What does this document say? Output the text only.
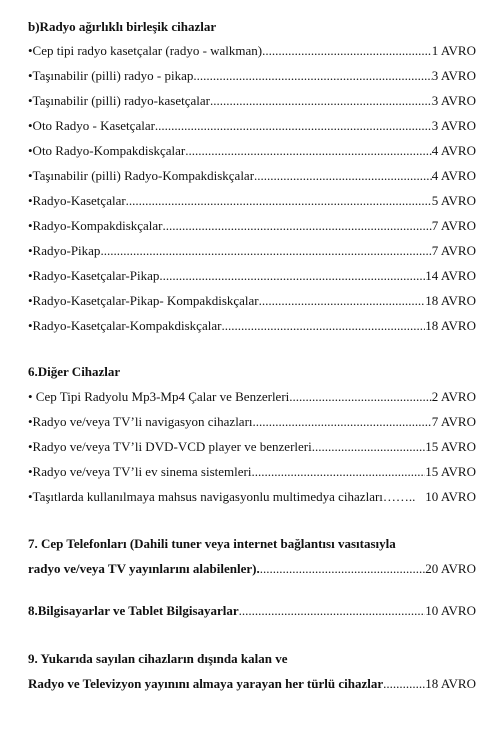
b)Radyo ağırlıklı birleşik cihazlar
•Cep tipi radyo kasetçalar (radyo - walkman) .....	1 AVRO
•Taşınabilir (pilli) radyo - pikap .....	3 AVRO
•Taşınabilir (pilli) radyo-kasetçalar .....	3 AVRO
•Oto Radyo - Kasetçalar .....	3 AVRO
•Oto Radyo-Kompakdiskçalar .....	4 AVRO
•Taşınabilir (pilli) Radyo-Kompakdiskçalar .....	4 AVRO
•Radyo-Kasetçalar .....	5 AVRO
•Radyo-Kompakdiskçalar .....	7 AVRO
•Radyo-Pikap .....	7 AVRO
•Radyo-Kasetçalar-Pikap .....	14 AVRO
•Radyo-Kasetçalar-Pikap- Kompakdiskçalar .....	18 AVRO
•Radyo-Kasetçalar-Kompakdiskçalar .....	18 AVRO
6.Diğer Cihazlar
• Cep Tipi Radyolu Mp3-Mp4 Çalar ve Benzerleri .....	2 AVRO
•Radyo ve/veya TV’li navigasyon cihazları .....	7 AVRO
•Radyo ve/veya TV’li DVD-VCD player ve benzerleri .....	15 AVRO
•Radyo ve/veya TV’li ev sinema sistemleri .....	15 AVRO
•Taşıtlarda kullanılmaya mahsus navigasyonlu multimedya cihazları ……..	10 AVRO
7. Cep Telefonları (Dahili tuner veya internet bağlantısı vasıtasıyla
radyo ve/veya TV yayınlarını alabilenler). .....	20 AVRO
8.Bilgisayarlar ve Tablet Bilgisayarlar .....	10 AVRO
9. Yukarıda sayılan cihazların dışında kalan ve
Radyo ve Televizyon yayınını almaya yarayan her türlü cihazlar .....	18 AVRO
